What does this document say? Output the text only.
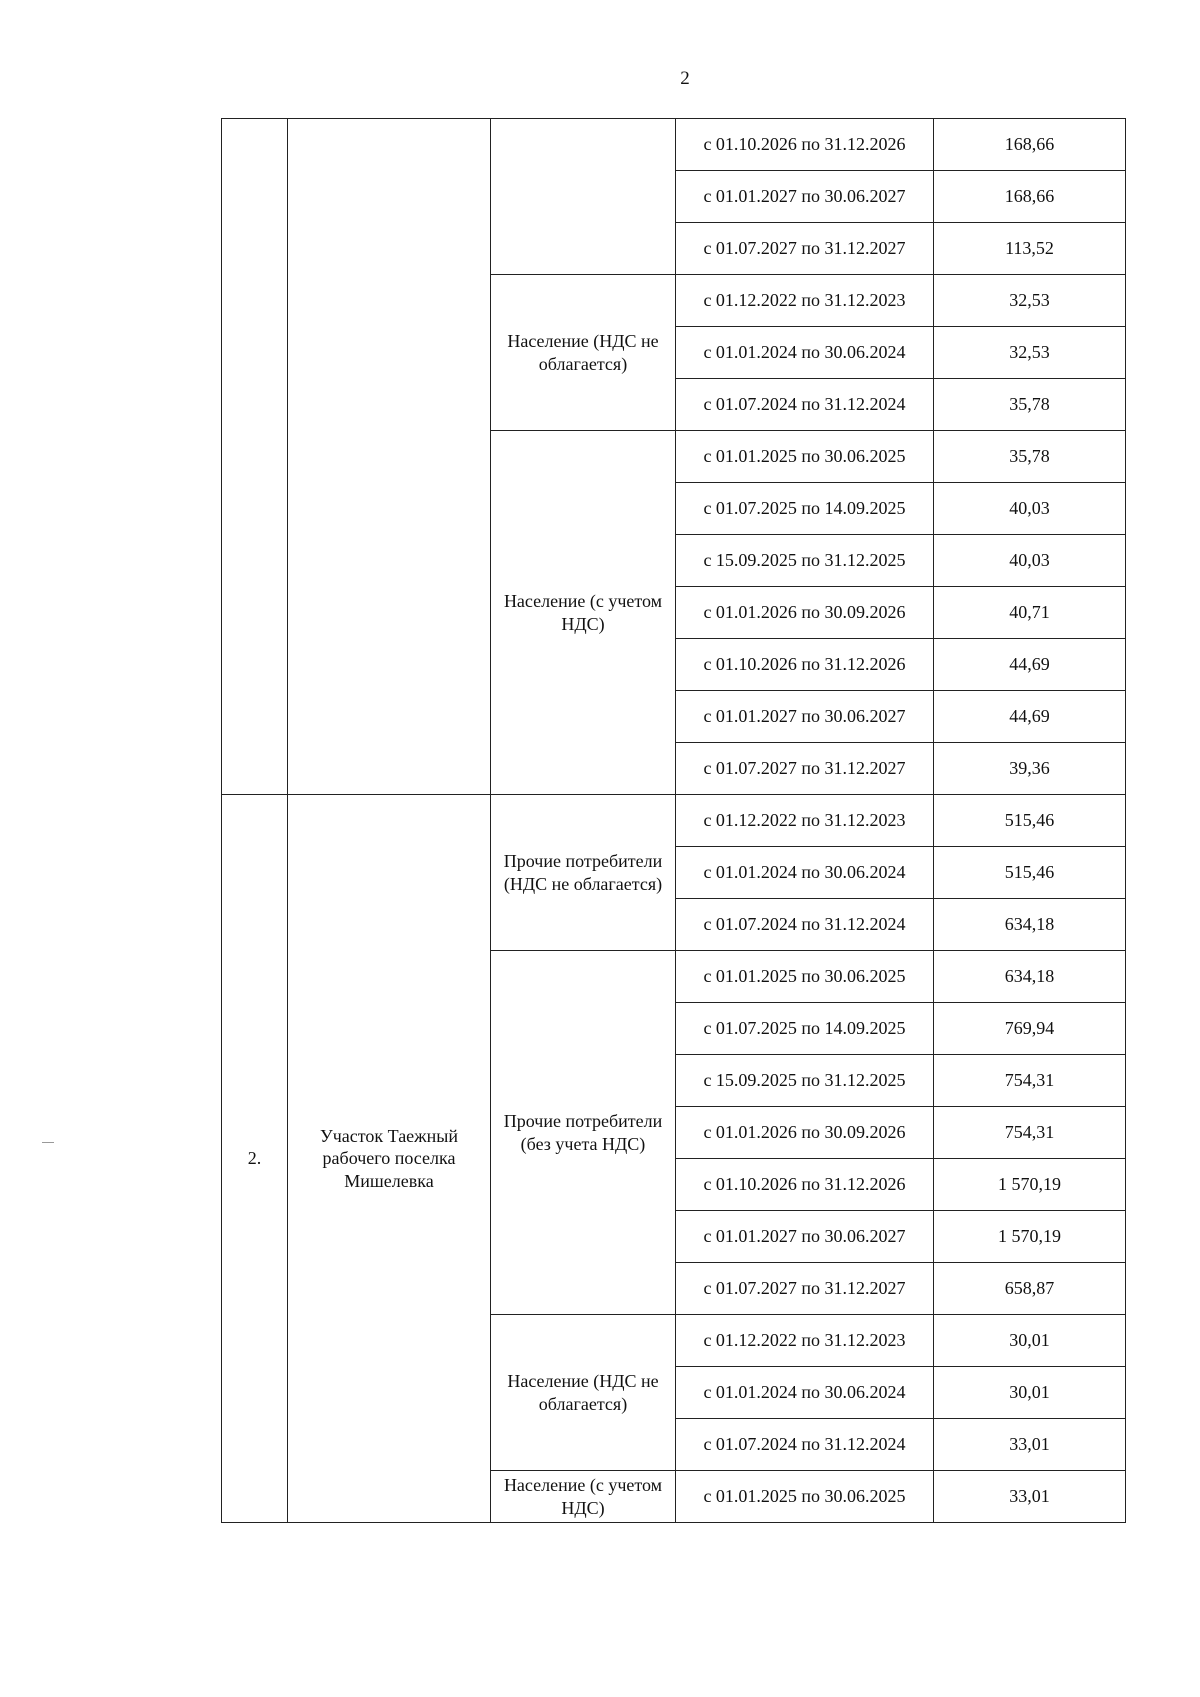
2
			с 01.10.2026 по 31.12.2026	168,66
			с 01.01.2027 по 30.06.2027	168,66
			с 01.07.2027 по 31.12.2027	113,52
		Население (НДС не облагается)	с 01.12.2022 по 31.12.2023	32,53
			с 01.01.2024 по 30.06.2024	32,53
			с 01.07.2024 по 31.12.2024	35,78
		Население (с учетом НДС)	с 01.01.2025 по 30.06.2025	35,78
			с 01.07.2025 по 14.09.2025	40,03
			с 15.09.2025 по 31.12.2025	40,03
			с 01.01.2026 по 30.09.2026	40,71
			с 01.10.2026 по 31.12.2026	44,69
			с 01.01.2027 по 30.06.2027	44,69
			с 01.07.2027 по 31.12.2027	39,36
2.	Участок Таежный рабочего поселка Мишелевка	Прочие потребители (НДС не облагается)	с 01.12.2022 по 31.12.2023	515,46
			с 01.01.2024 по 30.06.2024	515,46
			с 01.07.2024 по 31.12.2024	634,18
		Прочие потребители (без учета НДС)	с 01.01.2025 по 30.06.2025	634,18
			с 01.07.2025 по 14.09.2025	769,94
			с 15.09.2025 по 31.12.2025	754,31
			с 01.01.2026 по 30.09.2026	754,31
			с 01.10.2026 по 31.12.2026	1 570,19
			с 01.01.2027 по 30.06.2027	1 570,19
			с 01.07.2027 по 31.12.2027	658,87
		Население (НДС не облагается)	с 01.12.2022 по 31.12.2023	30,01
			с 01.01.2024 по 30.06.2024	30,01
			с 01.07.2024 по 31.12.2024	33,01
		Население (с учетом НДС)	с 01.01.2025 по 30.06.2025	33,01
